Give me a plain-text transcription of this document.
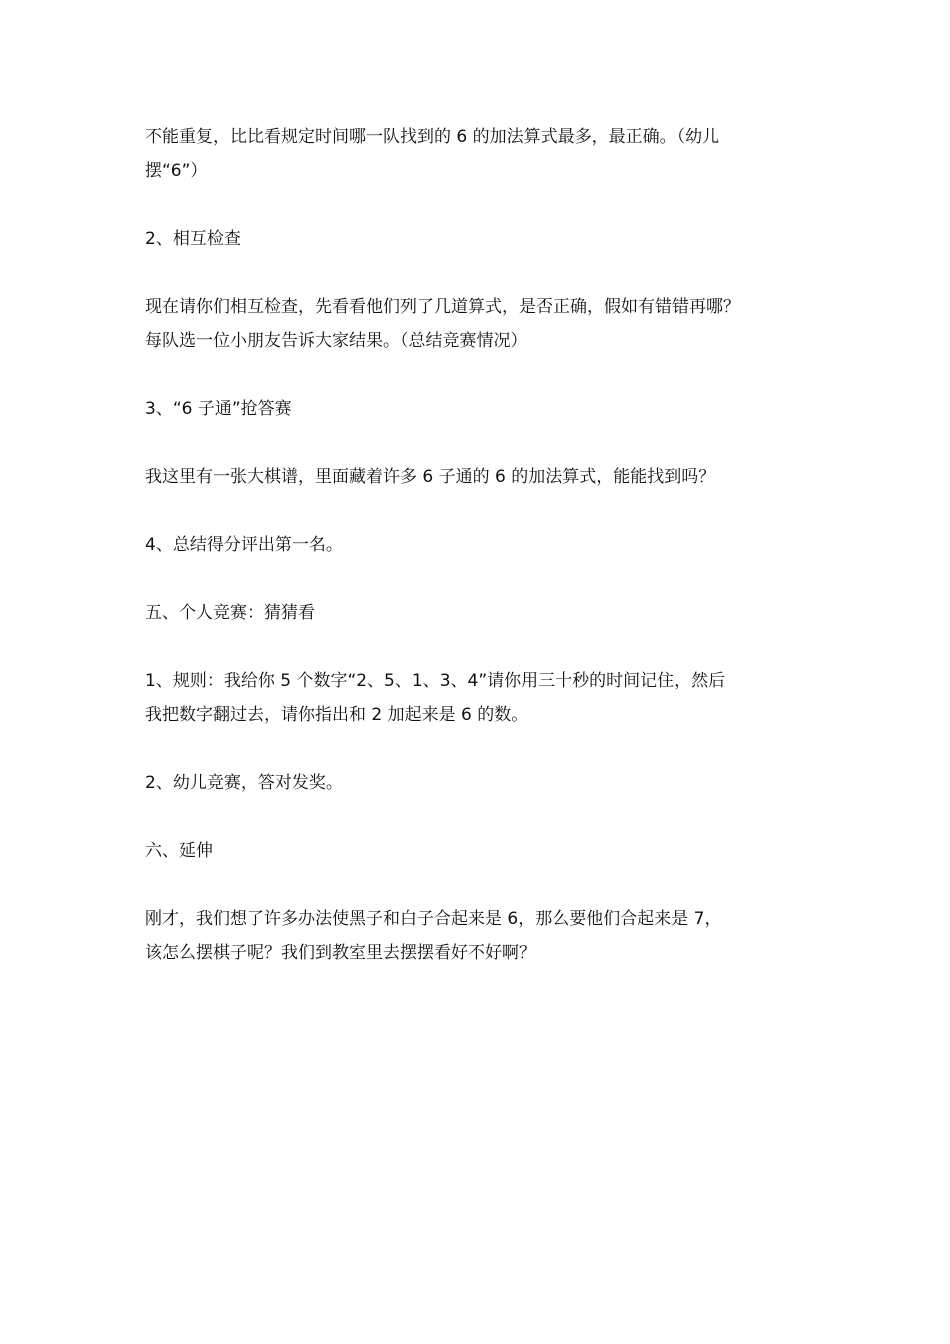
不能重复，比比看规定时间哪一队找到的 6 的加法算式最多，最正确。（幼儿
摆“6”）

2、相互检查

现在请你们相互检查，先看看他们列了几道算式，是否正确，假如有错错再哪？
每队选一位小朋友告诉大家结果。（总结竞赛情况）

3、“6 子通”抢答赛

我这里有一张大棋谱，里面藏着许多 6 子通的 6 的加法算式，能能找到吗？

4、总结得分评出第一名。

五、个人竞赛：猜猜看

1、规则：我给你 5 个数字“2、5、1、3、4”请你用三十秒的时间记住，然后
我把数字翻过去，请你指出和 2 加起来是 6 的数。

2、幼儿竞赛，答对发奖。

六、延伸

刚才，我们想了许多办法使黑子和白子合起来是 6，那么要他们合起来是 7，
该怎么摆棋子呢？我们到教室里去摆摆看好不好啊？
